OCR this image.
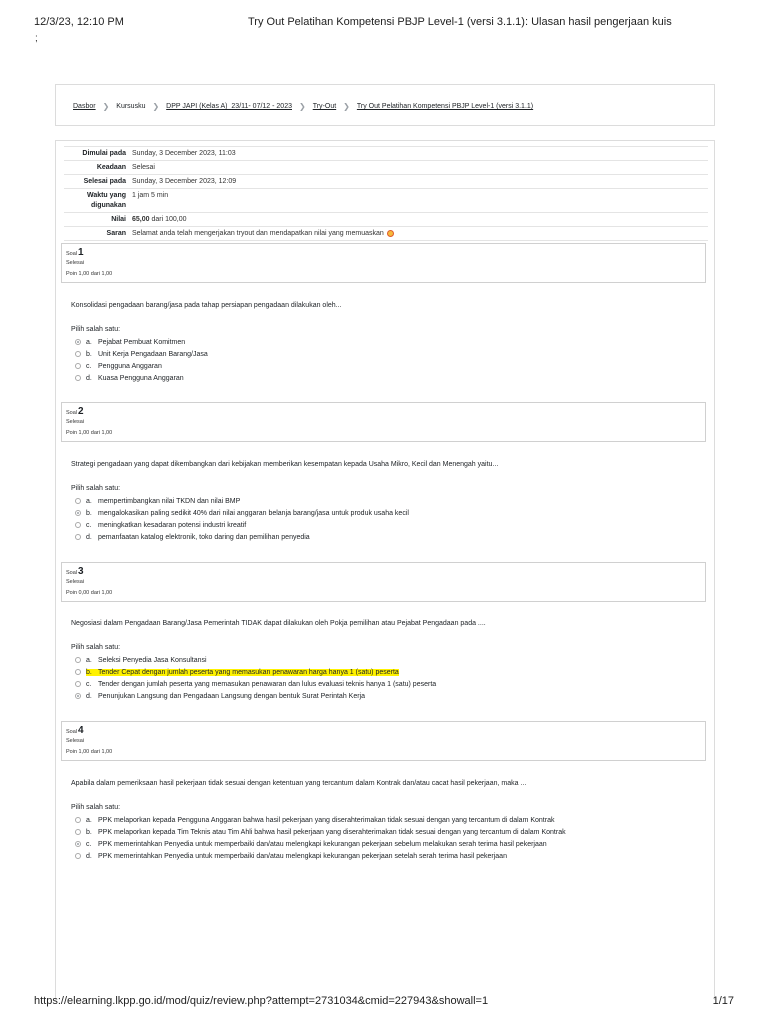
12/3/23, 12:10 PM	Try Out Pelatihan Kompetensi PBJP Level-1 (versi 3.1.1): Ulasan hasil pengerjaan kuis
;
Dasbor ❯ Kursusku ❯ DPP JAPI (Kelas A)_23/11- 07/12 - 2023 ❯ Try-Out ❯ Try Out Pelatihan Kompetensi PBJP Level-1 (versi 3.1.1)
Dimulai pada Sunday, 3 December 2023, 11:03
Keadaan Selesai
Selesai pada Sunday, 3 December 2023, 12:09
Waktu yang digunakan
1 jam 5 min
Nilai 65,00 dari 100,00
Saran Selamat anda telah mengerjakan tryout dan mendapatkan nilai yang memuaskan
Soal1
Selesai
Poin 1,00 dari 1,00
Konsolidasi pengadaan barang/jasa pada tahap persiapan pengadaan dilakukan oleh...
Pilih salah satu:
a. Pejabat Pembuat Komitmen
b. Unit Kerja Pengadaan Barang/Jasa
c. Pengguna Anggaran
d. Kuasa Pengguna Anggaran
Soal2
Selesai
Poin 1,00 dari 1,00
Strategi pengadaan yang dapat dikembangkan dari kebijakan memberikan kesempatan kepada Usaha Mikro, Kecil dan Menengah yaitu...
Pilih salah satu:
a. mempertimbangkan nilai TKDN dan nilai BMP
b. mengalokasikan paling sedikit 40% dari nilai anggaran belanja barang/jasa untuk produk usaha kecil
c. meningkatkan kesadaran potensi industri kreatif
d. pemanfaatan katalog elektronik, toko daring dan pemilihan penyedia
Soal3
Selesai
Poin 0,00 dari 1,00
Negosiasi dalam Pengadaan Barang/Jasa Pemerintah TIDAK dapat dilakukan oleh Pokja pemilihan atau Pejabat Pengadaan pada ....
Pilih salah satu:
a. Seleksi Penyedia Jasa Konsultansi
b. Tender Cepat dengan jumlah peserta yang memasukan penawaran harga hanya 1 (satu) peserta
c. Tender dengan jumlah peserta yang memasukan penawaran dan lulus evaluasi teknis hanya 1 (satu) peserta
d. Penunjukan Langsung dan Pengadaan Langsung dengan bentuk Surat Perintah Kerja
Soal4
Selesai
Poin 1,00 dari 1,00
Apabila dalam pemeriksaan hasil pekerjaan tidak sesuai dengan ketentuan yang tercantum dalam Kontrak dan/atau cacat hasil pekerjaan, maka ...
Pilih salah satu:
a. PPK melaporkan kepada Pengguna Anggaran bahwa hasil pekerjaan yang diserahterimakan tidak sesuai dengan yang tercantum di dalam Kontrak
b. PPK melaporkan kepada Tim Teknis atau Tim Ahli bahwa hasil pekerjaan yang diserahterimakan tidak sesuai dengan yang tercantum di dalam Kontrak
c. PPK memerintahkan Penyedia untuk memperbaiki dan/atau melengkapi kekurangan pekerjaan sebelum melakukan serah terima hasil pekerjaan
d. PPK memerintahkan Penyedia untuk memperbaiki dan/atau melengkapi kekurangan pekerjaan setelah serah terima hasil pekerjaan
https://elearning.lkpp.go.id/mod/quiz/review.php?attempt=2731034&cmid=227943&showall=1	1/17
